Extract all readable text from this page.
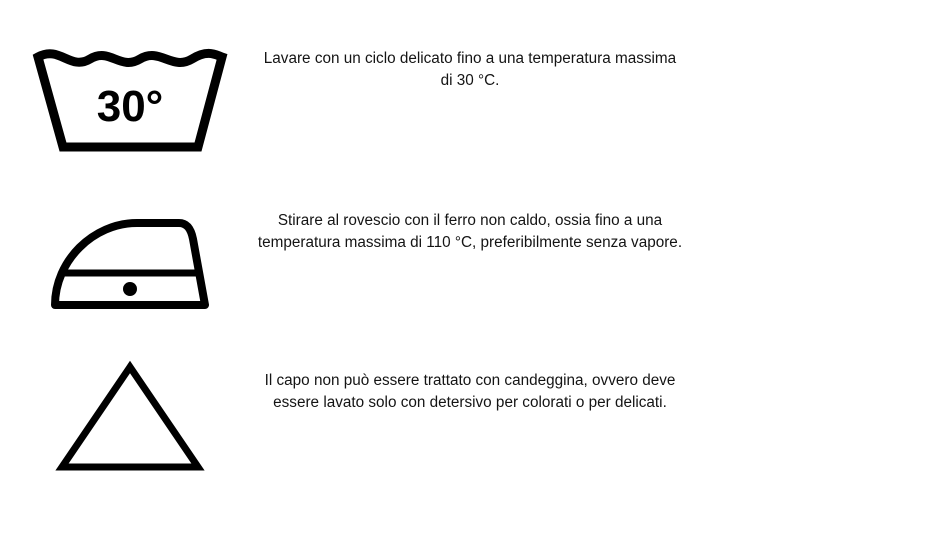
30°

Lavare con un ciclo delicato fino a una temperatura massima di 30 °C.

Stirare al rovescio con il ferro non caldo, ossia fino a una temperatura massima di 110 °C, preferibilmente senza vapore.

Il capo non può essere trattato con candeggina, ovvero deve essere lavato solo con detersivo per colorati o per delicati.
